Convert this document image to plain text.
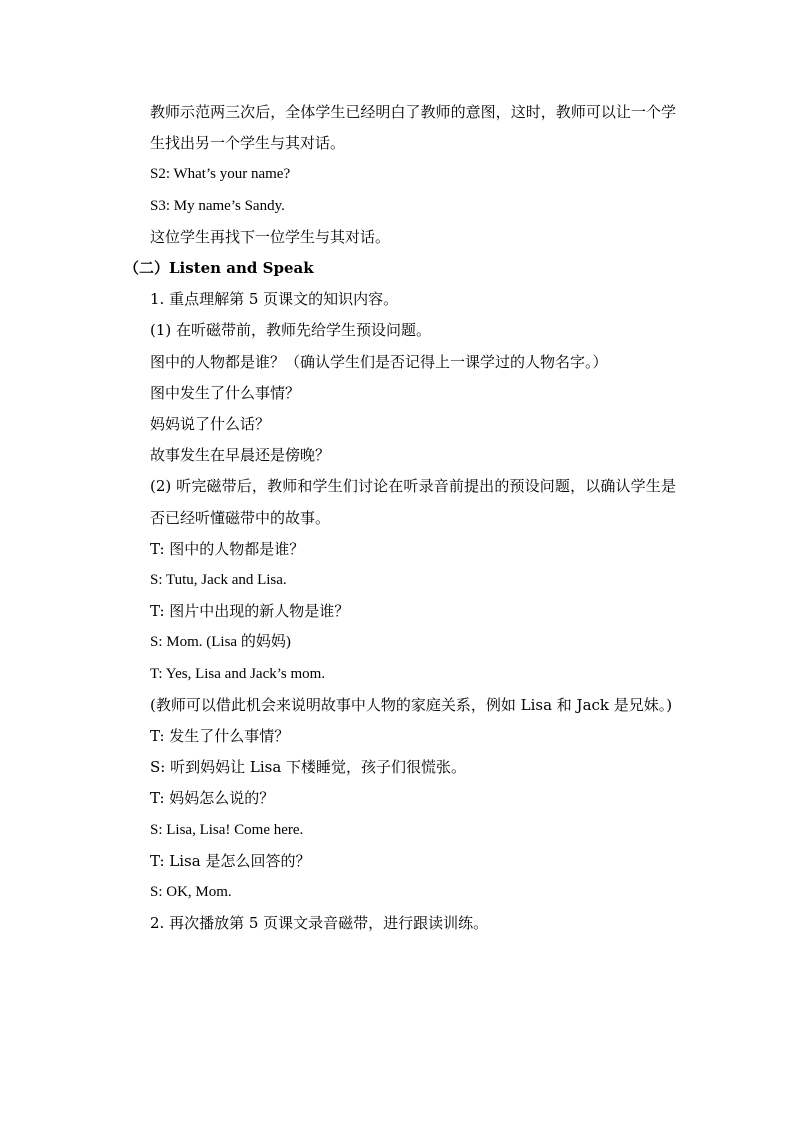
教师示范两三次后，全体学生已经明白了教师的意图，这时，教师可以让一个学生找出另一个学生与其对话。
S2: What’s your name?
S3: My name’s Sandy.
这位学生再找下一位学生与其对话。
（二）Listen and Speak
1. 重点理解第 5 页课文的知识内容。
(1) 在听磁带前，教师先给学生预设问题。
图中的人物都是谁？（确认学生们是否记得上一课学过的人物名字。）
图中发生了什么事情？
妈妈说了什么话？
故事发生在早晨还是傍晚？
(2) 听完磁带后，教师和学生们讨论在听录音前提出的预设问题，以确认学生是否已经听懂磁带中的故事。
T: 图中的人物都是谁？
S: Tutu, Jack and Lisa.
T: 图片中出现的新人物是谁？
S: Mom. (Lisa 的妈妈)
T: Yes, Lisa and Jack’s mom.
(教师可以借此机会来说明故事中人物的家庭关系，例如 Lisa 和 Jack 是兄妹。)
T: 发生了什么事情？
S: 听到妈妈让 Lisa 下楼睡觉，孩子们很慌张。
T: 妈妈怎么说的？
S: Lisa, Lisa! Come here.
T: Lisa 是怎么回答的？
S: OK, Mom.
2. 再次播放第 5 页课文录音磁带，进行跟读训练。
